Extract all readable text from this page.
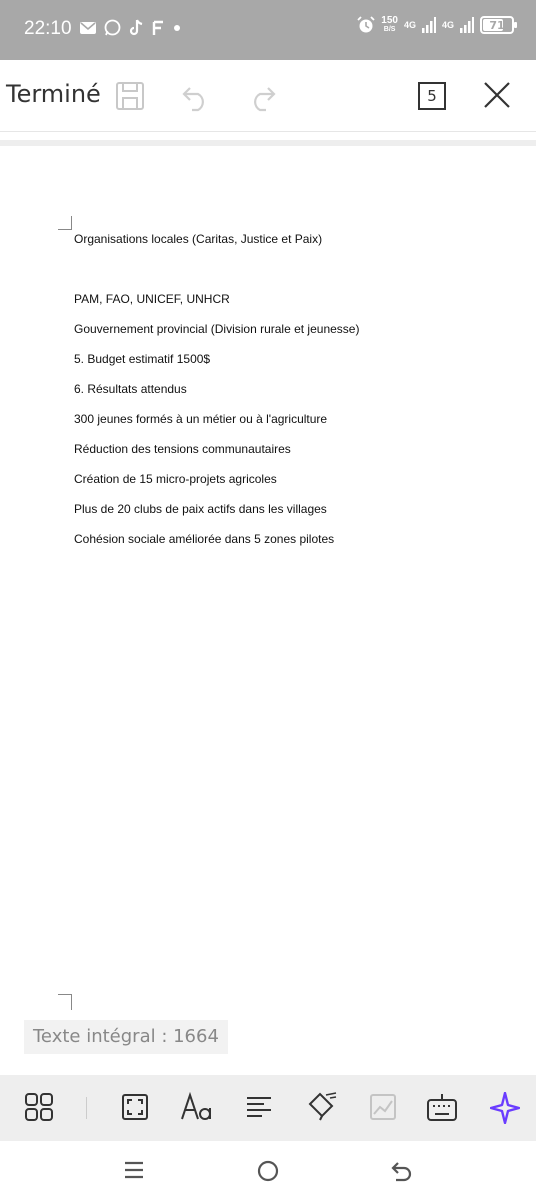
22:10	150
B/S 4G	4G	71
Terminé	5
Organisations locales (Caritas, Justice et Paix)
PAM, FAO, UNICEF, UNHCR
Gouvernement provincial (Division rurale et jeunesse)
5. Budget estimatif 1500$
6. Résultats attendus
300 jeunes formés à un métier ou à l'agriculture
Réduction des tensions communautaires
Création de 15 micro-projets agricoles
Plus de 20 clubs de paix actifs dans les villages
Cohésion sociale améliorée dans 5 zones pilotes
Texte intégral : 1664
